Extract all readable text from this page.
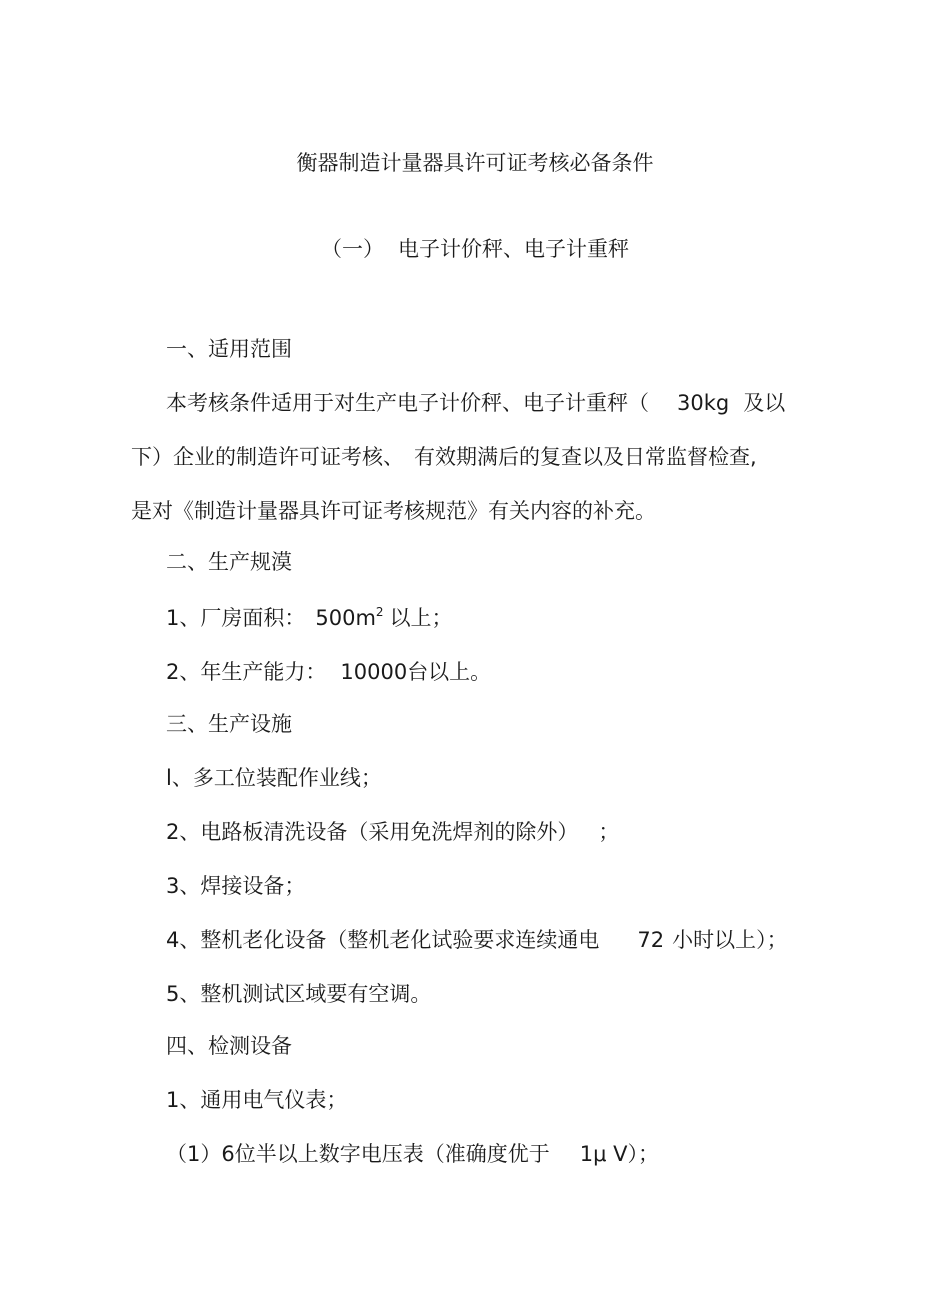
衡器制造计量器具许可证考核必备条件
（一） 电子计价秤、电子计重秤
一、适用范围
本考核条件适用于对生产电子计价秤、电子计重秤（ 30kg 及以
下）企业的制造许可证考核、 有效期满后的复查以及日常监督检查,
是对《制造计量器具许可证考核规范》有关内容的补充。
二、生产规漠
1、厂房面积： $500m^2$ 以上；
2、年生产能力： 10000台以上。
三、生产设施
l、多工位装配作业线；
2、电路板清洗设备（采用免洗焊剂的除外） ；
3、焊接设备；
4、整机老化设备（整机老化试验要求连续通电 72 小时以上）；
5、整机测试区域要有空调。
四、检测设备
1、通用电气仪表；
（1）6位半以上数字电压表（准确度优于 1μ V）；
